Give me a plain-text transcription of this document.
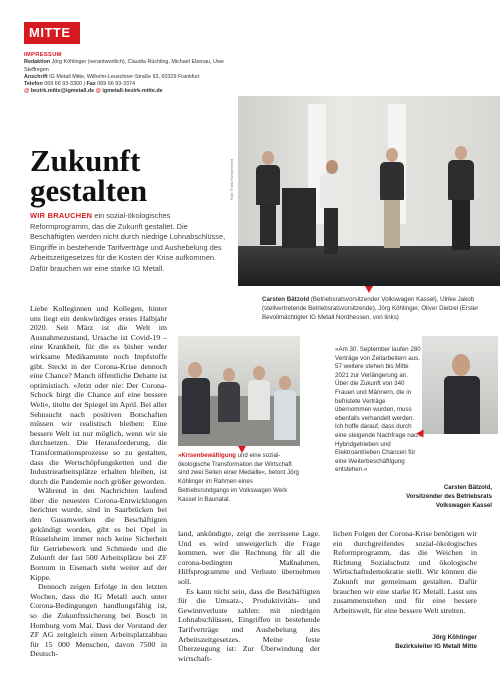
MITTE
IMPRESSUM
Redaktion Jörg Köhlinger (verantwortlich), Claudia Rüchling, Michael Ebenau, Uwe Steffregen
Anschrift IG Metall Mitte, Wilhelm-Leuschner-Straße 93, 60329 Frankfurt
Telefon 069 66 93-3300 | Fax 069 66 93-3374
@ bezirk.mitte@igmetall.de @ igmetall-bezirk-mitte.de
Zukunft
gestalten
WIR BRAUCHEN ein sozial-ökologisches Reformprogramm, das die Zukunft gestaltet. Die Beschäftigten werden nicht durch niedrige Lohnabschlüsse, Eingriffe in bestehende Tarifverträge und Aushebelung des Arbeitszeitgesetzes für die Kosten der Krise aufkommen. Dafür brauchen wir eine starke IG Metall.
Foto: Frank Rumpenhorst
Carsten Bätzold (Betriebsratsvorsitzender Volkswagen Kassel), Ulrike Jakob (stellvertretende Betriebsratsvorsitzende), Jörg Köhlinger, Oliver Dietzel (Erster Bevollmächtigter IG Metall Nordhessen, von links)

Liebe Kolleginnen und Kollegen, hinter uns liegt ein denkwürdiges erstes Halbjahr 2020. Seit März ist die Welt im Ausnahmezustand, Ursache ist Covid-19 – eine Krankheit, für die es bisher weder wirksame Medikamente noch Impfstoffe gibt. Steckt in der Corona-Krise dennoch eine Chance? Manch öffentliche Debatte ist optimistisch. »Jetzt oder nie: Der Corona-Schock birgt die Chance auf eine bessere Welt«, titelte der Spiegel im April. Bei aller Sehnsucht nach positiven Botschaften müssen wir realistisch bleiben: Eine bessere Welt ist nur möglich, wenn wir sie durchsetzen. Die Herausforderung, die Transformationsprozesse so zu gestalten, dass die Wertschöpfungsketten und die Industriearbeitsplätze erhalten bleiben, ist durch die Pandemie noch größer geworden.

Während in den Nachrichten laufend über die neuesten Corona-Entwicklungen berichtet wurde, sind in Saarbrücken bei den Gussmwerken die Beschäftigten gekündigt worden, gibt es bei Opel in Rüsselsheim immer noch keine Sicherheit für Getriebewerk und Schmiede und die Zukunft der fast 500 Arbeitsplätze bei ZF Bornum in Eisenach steht weiter auf der Kippe.

Dennoch zeigen Erfolge in den letzten Wochen, dass die IG Metall auch unter Corona-Bedingungen handlungsfähig ist, so die Zukunftssicherung bei Bosch in Homburg vom Mai. Dass der Vorstand der ZF AG zeitgleich einen Arbeitsplatzabbau für 15 000 Menschen, davon 7500 in Deutsch-

»Krisenbewältigung und eine sozial-ökologische Transformation der Wirtschaft sind zwei Seiten einer Medaille«, betont Jörg Köhlinger im Rahmen eines Betriebsrundgangs im Volkswagen Werk Kassel in Baunatal.
»Am 30. September laufen 280 Verträge von Zeitarbeitern aus. 57 weitere stehen bis Mitte 2021 zur Verlängerung an. Über die Zukunft von 340 Frauen und Männern, die in befristete Verträge übernommen wurden, muss ebenfalls verhandelt werden. Ich hoffe darauf, dass durch eine steigende Nachfrage nach Hybridgetrieben und Elektroantrieben Chancen für eine Weiterbeschäftigung entstehen.«
Carsten Bätzold,
Vorsitzender des Betriebsrats
Volkswagen Kassel

land, ankündigte, zeigt die zerrissene Lage. Und es wird unweigerlich die Frage kommen, wer die Rechnung für all die corona-bedingten Maßnahmen, Hilfsprogramme und Verluste übernehmen soll.

Es kann nicht sein, dass die Beschäftigten für die Umsatz-, Produktivitäts- und Gewinnverluste zahlen: mit niedrigen Lohnabschlüssen, Eingriffen in bestehende Tarifverträge und Aushebelung des Arbeitszeitgesetzes. Meine feste Überzeugung ist: Zur Überwindung der wirtschaft-

lichen Folgen der Corona-Krise benötigen wir ein durchgreifendes sozial-ökologisches Reformprogramm, das die Weichen in Richtung Sozialschutz und ökologische Wirtschaftsdemokratie stellt. Wir können die Zukunft nur gemeinsam gestalten. Dafür brauchen wir eine starke IG Metall. Lasst uns zusammenstehen und für eine bessere Arbeitswelt, für eine bessere Welt streiten.

Jörg Köhlinger
Bezirksleiter IG Metall Mitte
